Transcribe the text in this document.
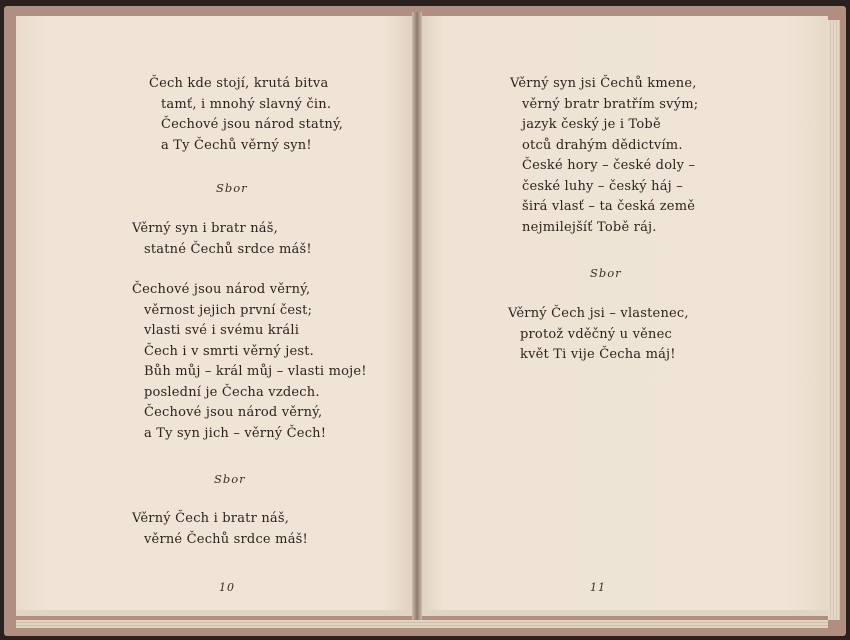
Čech kde stojí, krutá bitva
tamť, i mnohý slavný čin.
Čechové jsou národ statný,
a Ty Čechů věrný syn!
Sbor
Věrný syn i bratr náš,
statné Čechů srdce máš!
Čechové jsou národ věrný,
věrnost jejich první čest;
vlasti své i svému králi
Čech i v smrti věrný jest.
Bůh můj – král můj – vlasti moje!
poslední je Čecha vzdech.
Čechové jsou národ věrný,
a Ty syn jich – věrný Čech!
Sbor
Věrný Čech i bratr náš,
věrné Čechů srdce máš!
10
Věrný syn jsi Čechů kmene,
věrný bratr bratřím svým;
jazyk český je i Tobě
otců drahým dědictvím.
České hory – české doly –
české luhy – český háj –
širá vlasť – ta česká země
nejmilejšíť Tobě ráj.
Sbor
Věrný Čech jsi – vlastenec,
protož vděčný u věnec
květ Ti vije Čecha máj!
11
